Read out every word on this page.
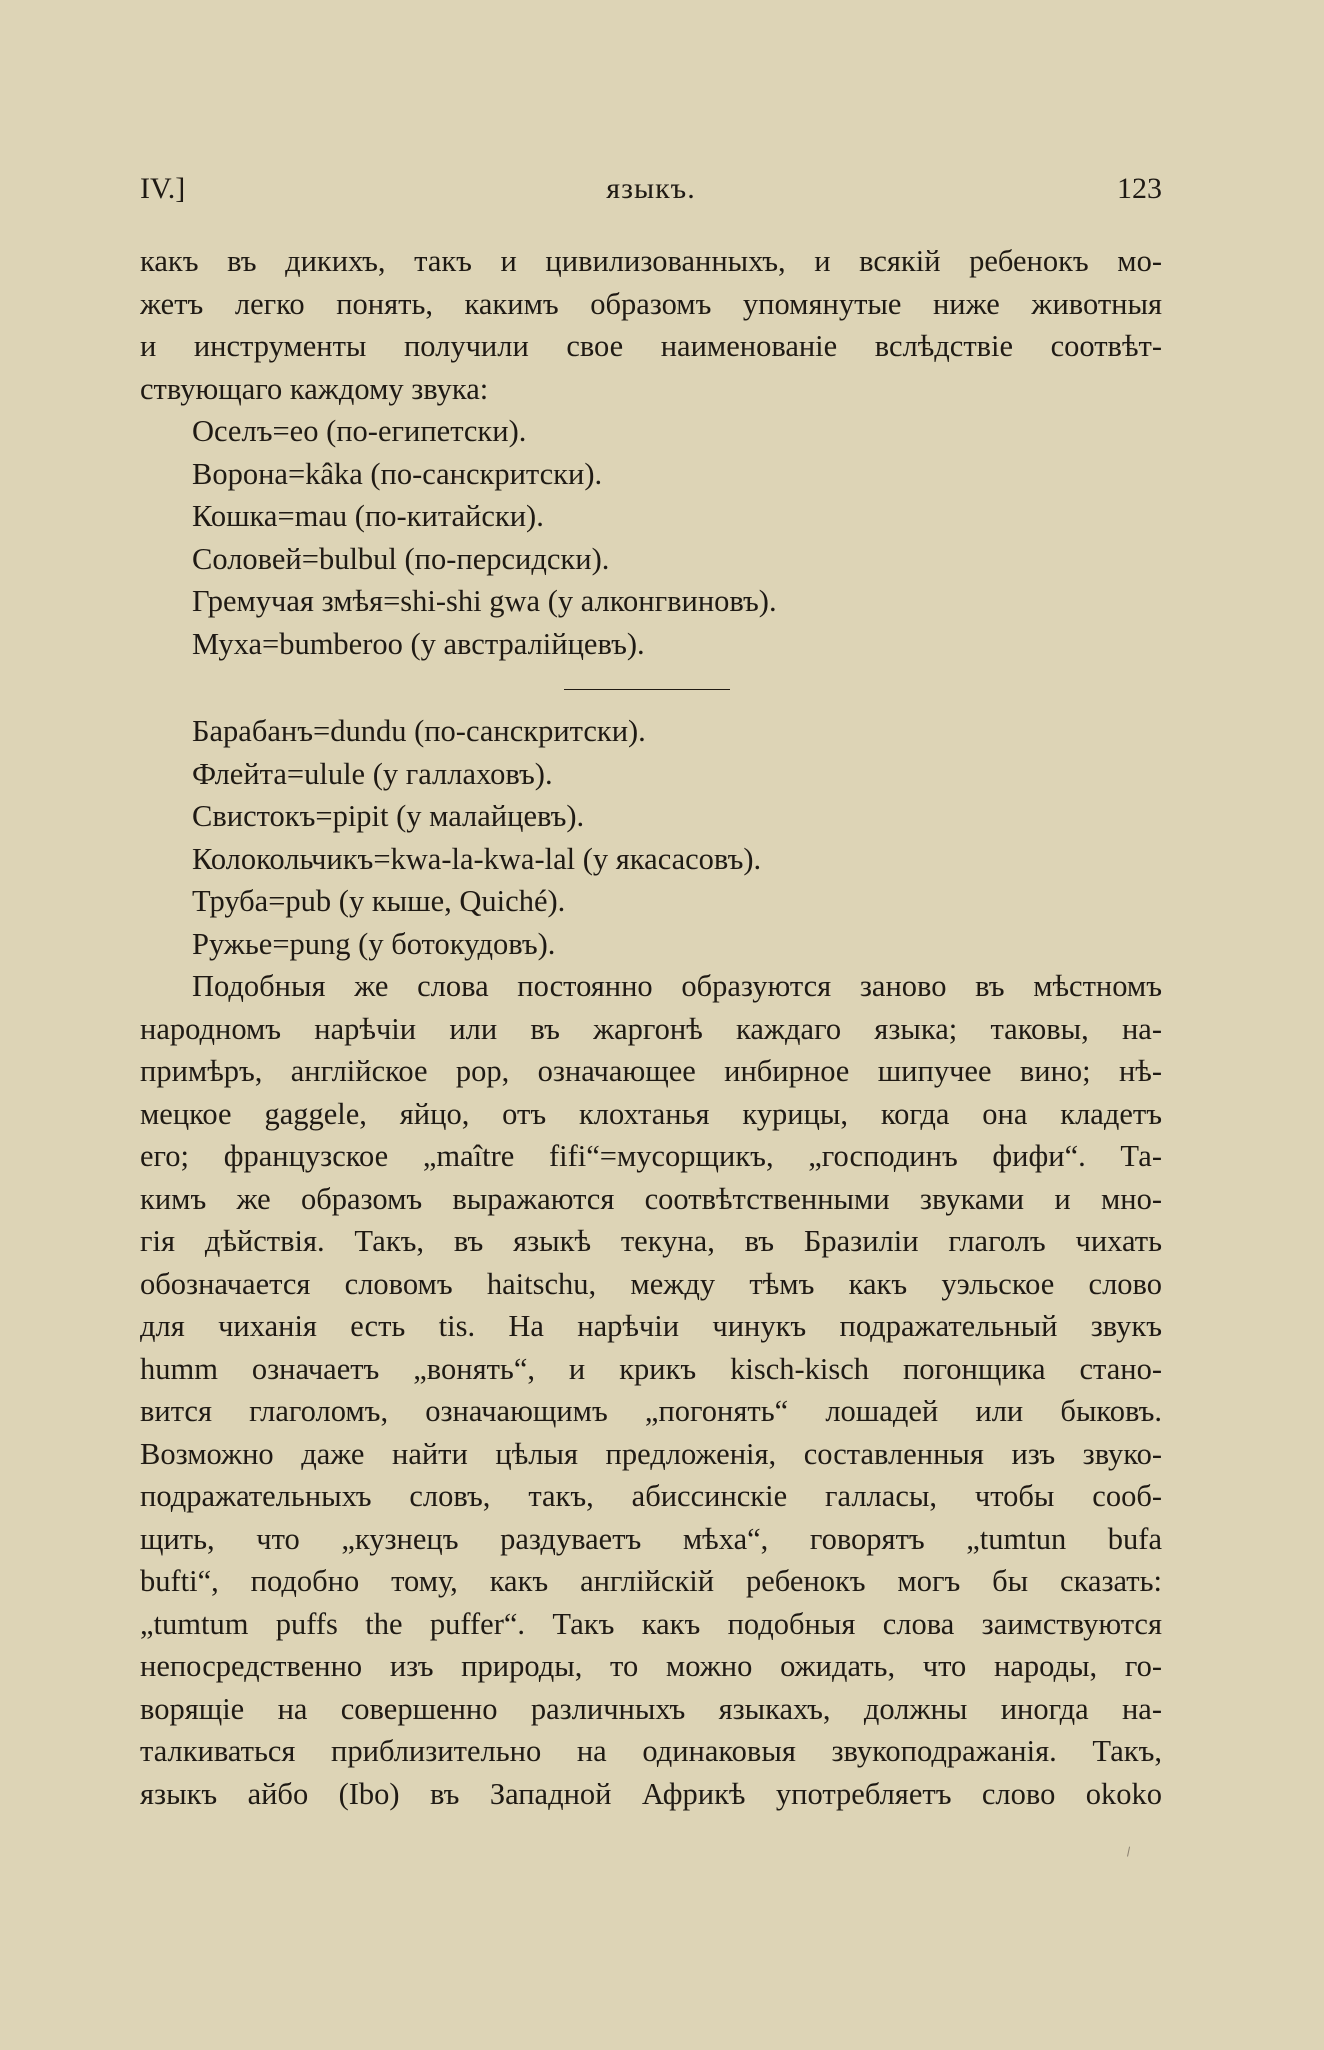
IV.]	языкъ.	123
какъ въ дикихъ, такъ и цивилизованныхъ, и всякій ребенокъ мо-
жетъ легко понять, какимъ образомъ упомянутые ниже животныя
и инструменты получили свое наименованіе вслѣдствіе соотвѣт-
ствующаго каждому звука:
Оселъ=eo (по-египетски).
Ворона=kâka (по-санскритски).
Кошка=mau (по-китайски).
Соловей=bulbul (по-персидски).
Гремучая змѣя=shi-shi gwa (у алконгвиновъ).
Муха=bumberoo (у австралійцевъ).
Барабанъ=dundu (по-санскритски).
Флейта=ulule (у галлаховъ).
Свистокъ=pipit (у малайцевъ).
Колокольчикъ=kwa-la-kwa-lal (у якасасовъ).
Труба=pub (у кыше, Quiché).
Ружье=pung (у ботокудовъ).
Подобныя же слова постоянно образуются заново въ мѣстномъ
народномъ нарѣчіи или въ жаргонѣ каждаго языка; таковы, на-
примѣръ, англійское pop, означающее инбирное шипучее вино; нѣ-
мецкое gaggele, яйцо, отъ клохтанья курицы, когда она кладетъ
его; французское „maître fifi“=мусорщикъ, „господинъ фифи“. Та-
кимъ же образомъ выражаются соотвѣтственными звуками и мно-
гія дѣйствія. Такъ, въ языкѣ текуна, въ Бразиліи глаголъ чихать
обозначается словомъ haitschu, между тѣмъ какъ уэльское слово
для чиханія есть tis. На нарѣчіи чинукъ подражательный звукъ
humm означаетъ „вонять“, и крикъ kisch-kisch погонщика стано-
вится глаголомъ, означающимъ „погонять“ лошадей или быковъ.
Возможно даже найти цѣлыя предложенія, составленныя изъ звуко-
подражательныхъ словъ, такъ, абиссинскіе галласы, чтобы сооб-
щить, что „кузнецъ раздуваетъ мѣха“, говорятъ „tumtun bufa
bufti“, подобно тому, какъ англійскій ребенокъ могъ бы сказать:
„tumtum puffs the puffer“. Такъ какъ подобныя слова заимствуются
непосредственно изъ природы, то можно ожидать, что народы, го-
ворящіе на совершенно различныхъ языкахъ, должны иногда на-
талкиваться приблизительно на одинаковыя звукоподражанія. Такъ,
языкъ айбо (Ibo) въ Западной Африкѣ употребляетъ слово okoko
